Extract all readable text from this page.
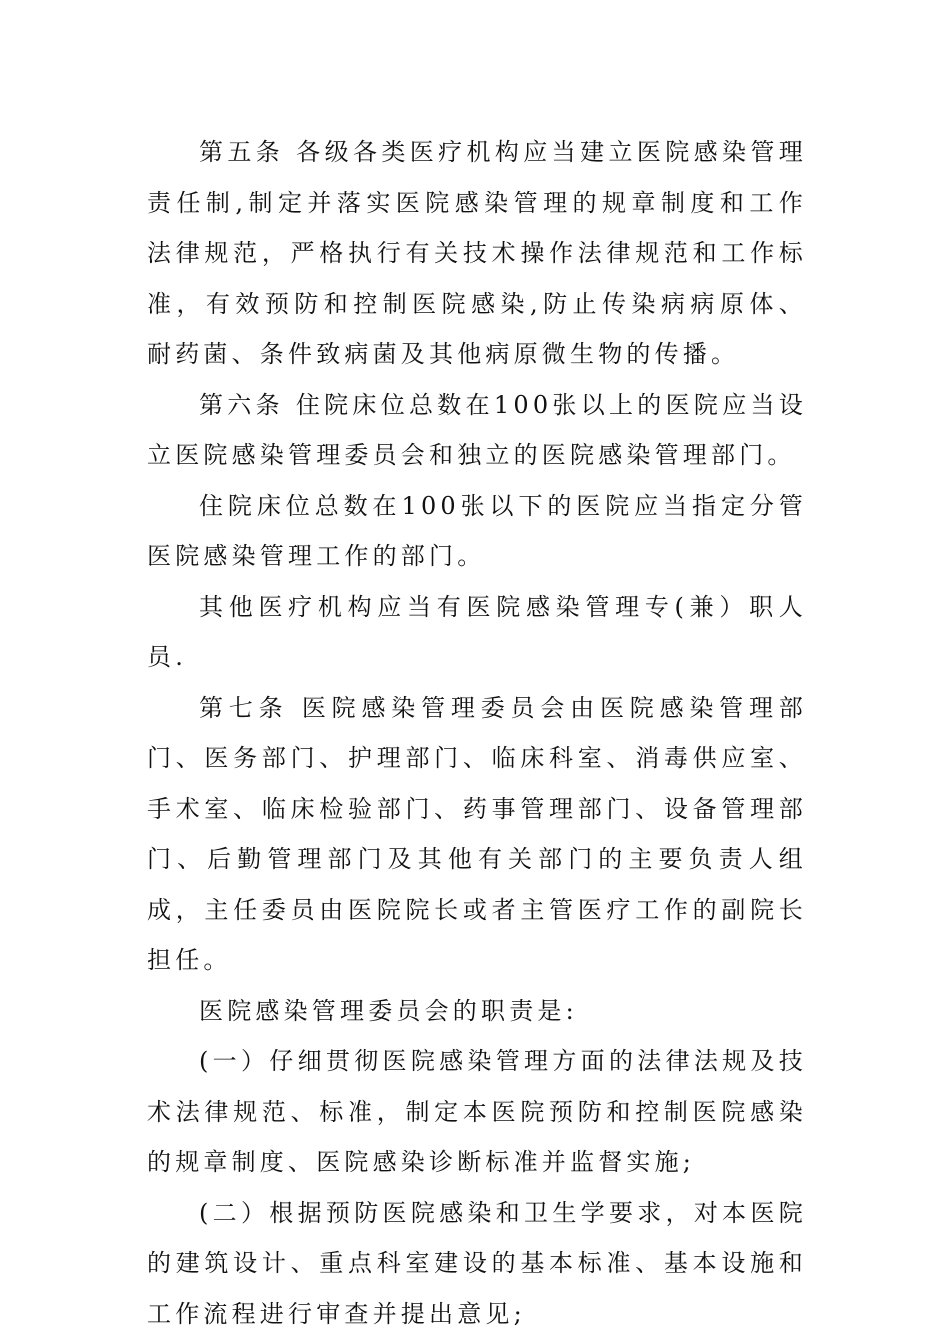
第五条 各级各类医疗机构应当建立医院感染管理责任制,制定并落实医院感染管理的规章制度和工作法律规范，严格执行有关技术操作法律规范和工作标准，有效预防和控制医院感染,防止传染病病原体、耐药菌、条件致病菌及其他病原微生物的传播。

第六条 住院床位总数在100张以上的医院应当设立医院感染管理委员会和独立的医院感染管理部门。

住院床位总数在100张以下的医院应当指定分管医院感染管理工作的部门。

其他医疗机构应当有医院感染管理专(兼）职人员.

第七条 医院感染管理委员会由医院感染管理部门、医务部门、护理部门、临床科室、消毒供应室、手术室、临床检验部门、药事管理部门、设备管理部门、后勤管理部门及其他有关部门的主要负责人组成，主任委员由医院院长或者主管医疗工作的副院长担任。

医院感染管理委员会的职责是:

(一）仔细贯彻医院感染管理方面的法律法规及技术法律规范、标准，制定本医院预防和控制医院感染的规章制度、医院感染诊断标准并监督实施;

(二）根据预防医院感染和卫生学要求，对本医院的建筑设计、重点科室建设的基本标准、基本设施和工作流程进行审查并提出意见;
